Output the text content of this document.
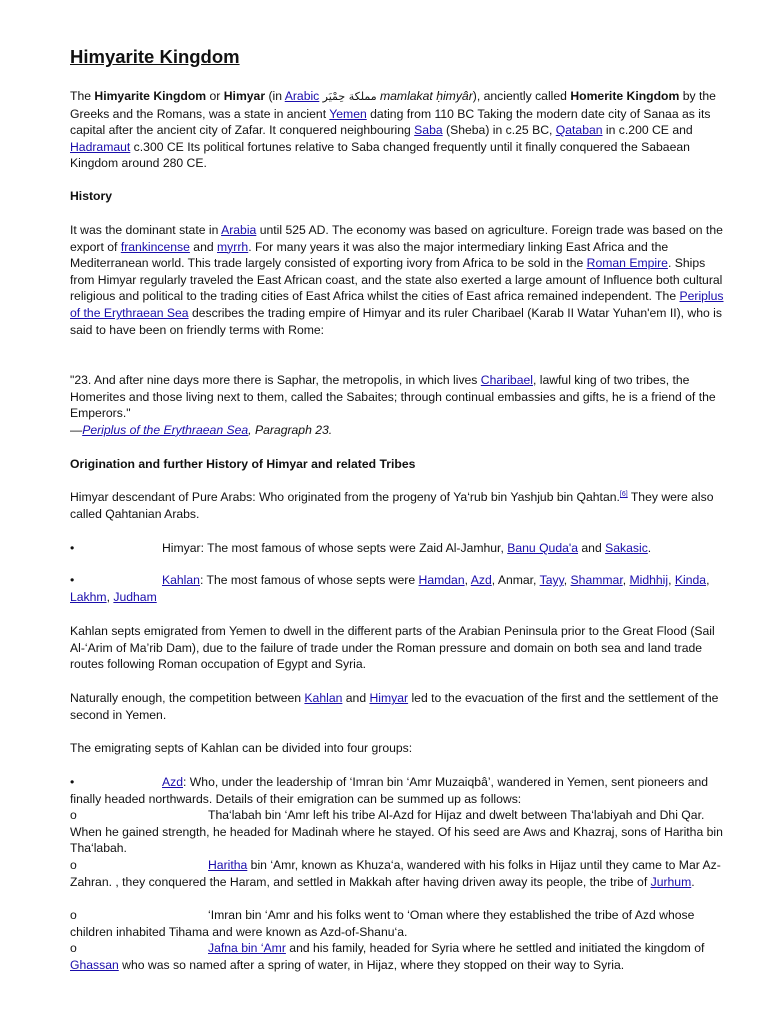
Himyarite Kingdom

The Himyarite Kingdom or Himyar (in Arabic مملكة حِمْيَر mamlakat ḥimyâr), anciently called Homerite Kingdom by the Greeks and the Romans, was a state in ancient Yemen dating from 110 BC Taking the modern date city of Sanaa as its capital after the ancient city of Zafar. It conquered neighbouring Saba (Sheba) in c.25 BC, Qataban in c.200 CE and Hadramaut c.300 CE Its political fortunes relative to Saba changed frequently until it finally conquered the Sabaean Kingdom around 280 CE.

History

It was the dominant state in Arabia until 525 AD. The economy was based on agriculture. Foreign trade was based on the export of frankincense and myrrh. For many years it was also the major intermediary linking East Africa and the Mediterranean world. This trade largely consisted of exporting ivory from Africa to be sold in the Roman Empire. Ships from Himyar regularly traveled the East African coast, and the state also exerted a large amount of Influence both cultural religious and political to the trading cities of East Africa whilst the cities of East africa remained independent. The Periplus of the Erythraean Sea describes the trading empire of Himyar and its ruler Charibael (Karab II Watar Yuhan'em II), who is said to have been on friendly terms with Rome:

"23. And after nine days more there is Saphar, the metropolis, in which lives Charibael, lawful king of two tribes, the Homerites and those living next to them, called the Sabaites; through continual embassies and gifts, he is a friend of the Emperors."
—Periplus of the Erythraean Sea, Paragraph 23.

Origination and further History of Himyar and related Tribes

Himyar descendant of Pure Arabs: Who originated from the progeny of Ya‘rub bin Yashjub bin Qahtan.[6] They were also called Qahtanian Arabs.

•	Himyar: The most famous of whose septs were Zaid Al-Jamhur, Banu Quda'a and Sakasic.
•	Kahlan: The most famous of whose septs were Hamdan, Azd, Anmar, Tayy, Shammar, Midhhij, Kinda, Lakhm, Judham

Kahlan septs emigrated from Yemen to dwell in the different parts of the Arabian Peninsula prior to the Great Flood (Sail Al-‘Arim of Ma’rib Dam), due to the failure of trade under the Roman pressure and domain on both sea and land trade routes following Roman occupation of Egypt and Syria.

Naturally enough, the competition between Kahlan and Himyar led to the evacuation of the first and the settlement of the second in Yemen.

The emigrating septs of Kahlan can be divided into four groups:

•	Azd: Who, under the leadership of ‘Imran bin ‘Amr Muzaiqbâ’, wandered in Yemen, sent pioneers and finally headed northwards. Details of their emigration can be summed up as follows:
o	Tha‘labah bin ‘Amr left his tribe Al-Azd for Hijaz and dwelt between Tha‘labiyah and Dhi Qar. When he gained strength, he headed for Madinah where he stayed. Of his seed are Aws and Khazraj, sons of Haritha bin Tha‘labah.
o	Haritha bin ‘Amr, known as Khuza‘a, wandered with his folks in Hijaz until they came to Mar Az-Zahran. , they conquered the Haram, and settled in Makkah after having driven away its people, the tribe of Jurhum.
o	‘Imran bin ‘Amr and his folks went to ‘Oman where they established the tribe of Azd whose children inhabited Tihama and were known as Azd-of-Shanu‘a.
o	Jafna bin ‘Amr and his family, headed for Syria where he settled and initiated the kingdom of Ghassan who was so named after a spring of water, in Hijaz, where they stopped on their way to Syria.
